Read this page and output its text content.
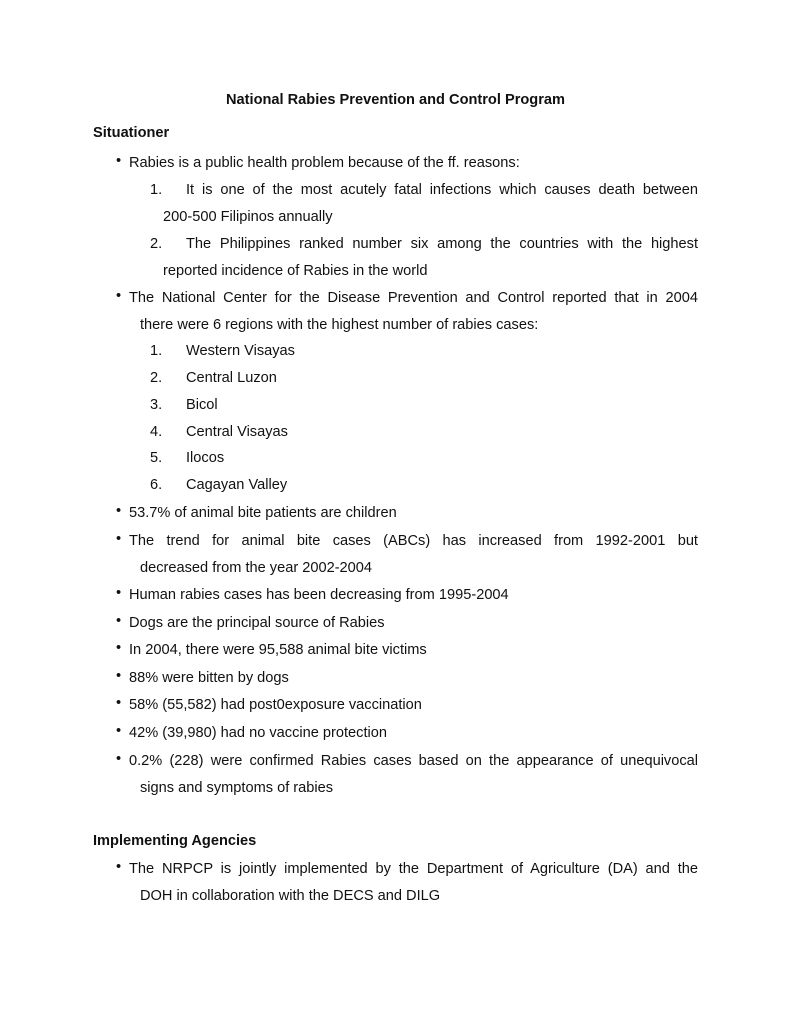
National Rabies Prevention and Control Program
Situationer
• Rabies is a public health problem because of the ff. reasons:
1. It is one of the most acutely fatal infections which causes death between
200-500 Filipinos annually
2. The Philippines ranked number six among the countries with the highest
reported incidence of Rabies in the world
• The National Center for the Disease Prevention and Control reported that in 2004
there were 6 regions with the highest number of rabies cases:
1. Western Visayas
2. Central Luzon
3. Bicol
4. Central Visayas
5. Ilocos
6. Cagayan Valley
• 53.7% of animal bite patients are children
• The trend for animal bite cases (ABCs) has increased from 1992-2001 but
decreased from the year 2002-2004
• Human rabies cases has been decreasing from 1995-2004
• Dogs are the principal source of Rabies
• In 2004, there were 95,588 animal bite victims
• 88% were bitten by dogs
• 58% (55,582) had post0exposure vaccination
• 42% (39,980) had no vaccine protection
• 0.2% (228) were confirmed Rabies cases based on the appearance of unequivocal
signs and symptoms of rabies
Implementing Agencies
• The NRPCP is jointly implemented by the Department of Agriculture (DA) and the
DOH in collaboration with the DECS and DILG
